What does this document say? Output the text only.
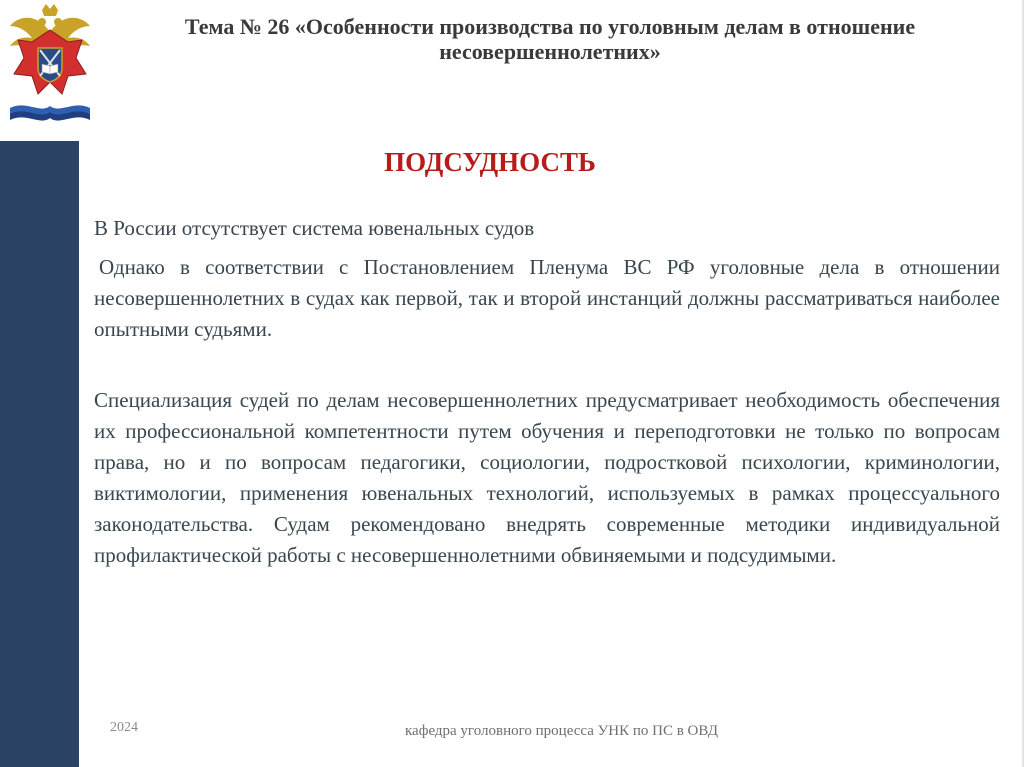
Тема № 26 «Особенности производства по уголовным делам в отношение
несовершеннолетних»
ПОДСУДНОСТЬ

В России отсутствует система ювенальных судов

Однако в соответствии с Постановлением Пленума ВС РФ уголовные дела в отношении несовершеннолетних в судах как первой, так и второй инстанций должны рассматриваться наиболее опытными судьями.

Специализация судей по делам несовершеннолетних предусматривает необходимость обеспечения их профессиональной компетентности путем обучения и переподготовки не только по вопросам права, но и по вопросам педагогики, социологии, подростковой психологии, криминологии, виктимологии, применения ювенальных технологий, используемых в рамках процессуального законодательства. Судам рекомендовано внедрять современные методики индивидуальной профилактической работы с несовершеннолетними обвиняемыми и подсудимыми.

2024	кафедра уголовного процесса УНК по ПС в ОВД
